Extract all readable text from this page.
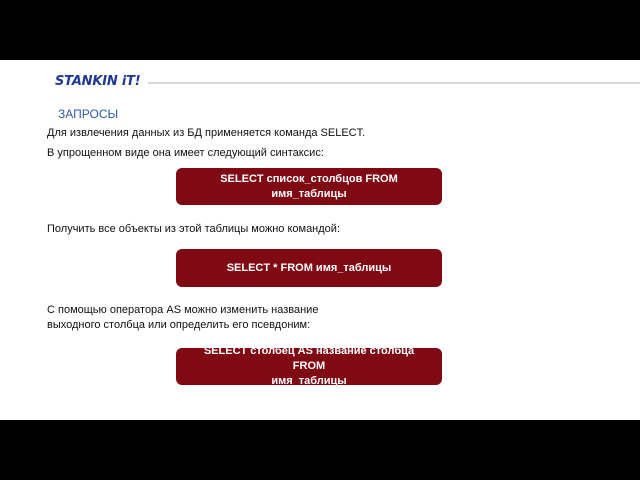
STANKIN iT!
ЗАПРОСЫ
Для извлечения данных из БД применяется команда SELECT.
В упрощенном виде она имеет следующий синтаксис:
SELECT список_столбцов FROM имя_таблицы
Получить все объекты из этой таблицы можно командой:
SELECT * FROM имя_таблицы
С помощью оператора AS можно изменить название
выходного столбца или определить его псевдоним:
SELECT столбец AS название столбца FROM
имя_таблицы
